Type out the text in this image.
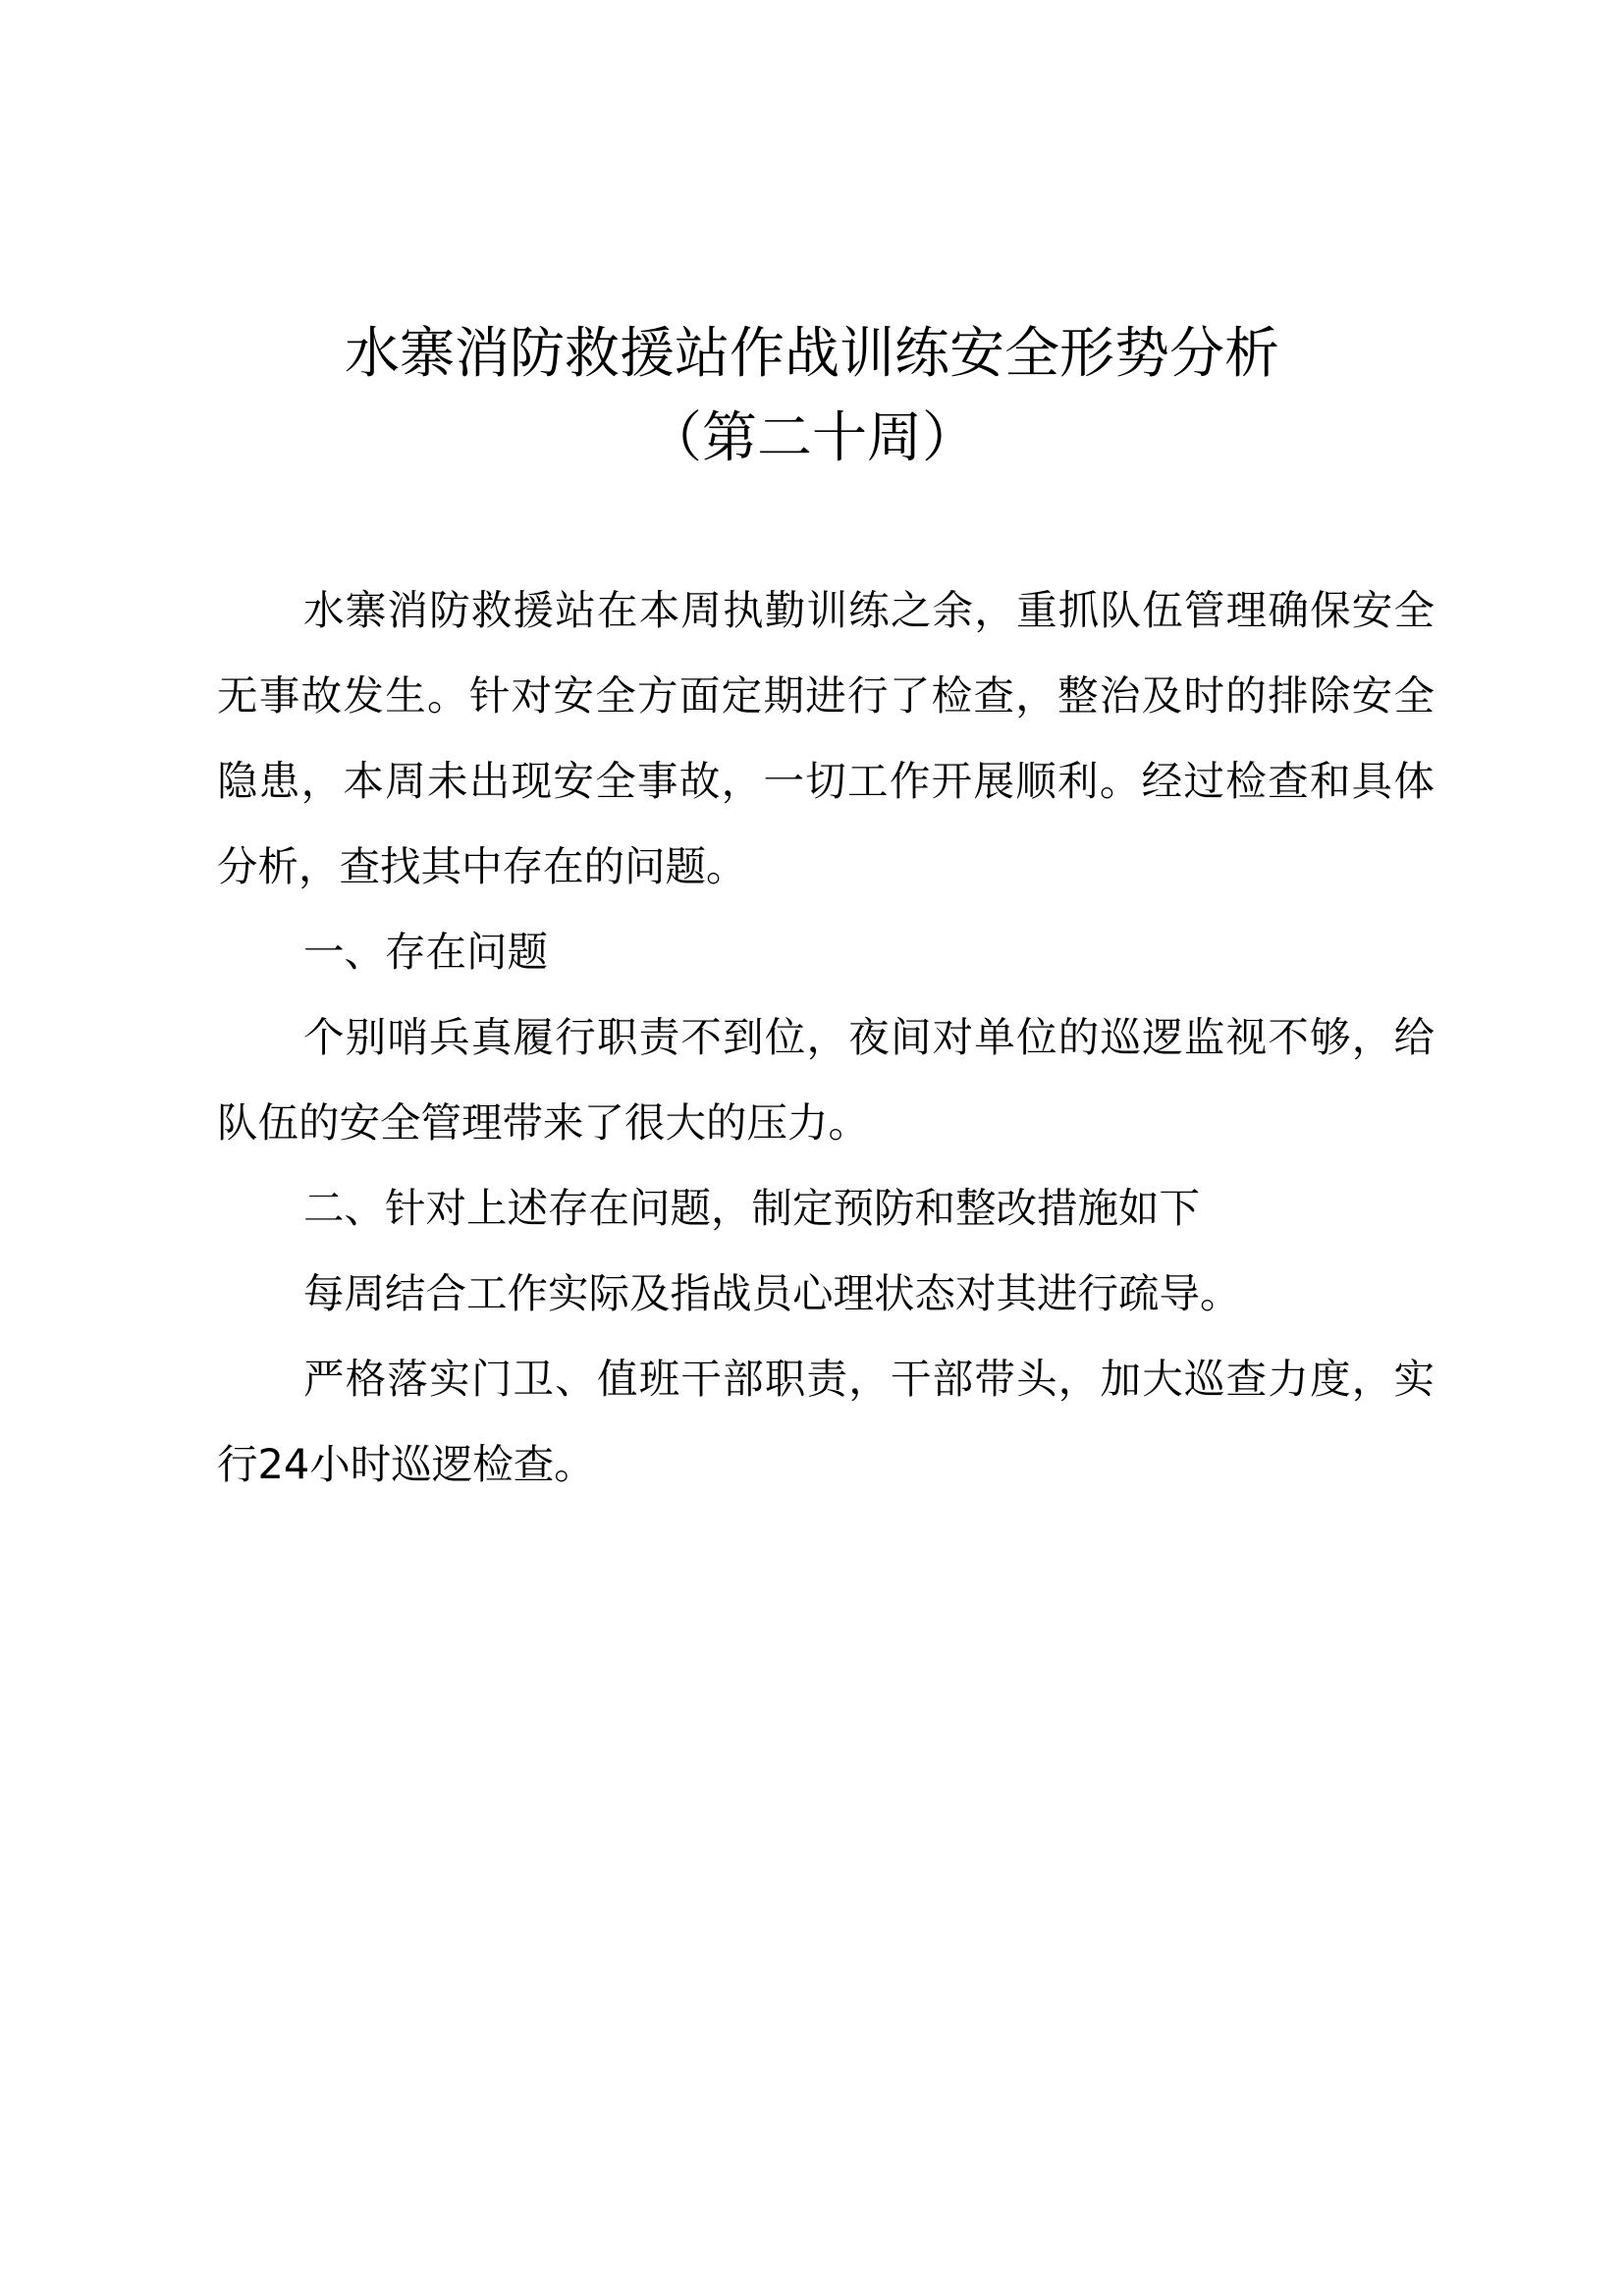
水寨消防救援站作战训练安全形势分析
（第二十周）

水寨消防救援站在本周执勤训练之余，重抓队伍管理确保安全无事故发生。针对安全方面定期进行了检查，整治及时的排除安全隐患，本周未出现安全事故，一切工作开展顺利。经过检查和具体分析，查找其中存在的问题。

一、存在问题

个别哨兵真履行职责不到位，夜间对单位的巡逻监视不够，给队伍的安全管理带来了很大的压力。

二、针对上述存在问题，制定预防和整改措施如下

每周结合工作实际及指战员心理状态对其进行疏导。

严格落实门卫、值班干部职责，干部带头，加大巡查力度，实行24小时巡逻检查。
